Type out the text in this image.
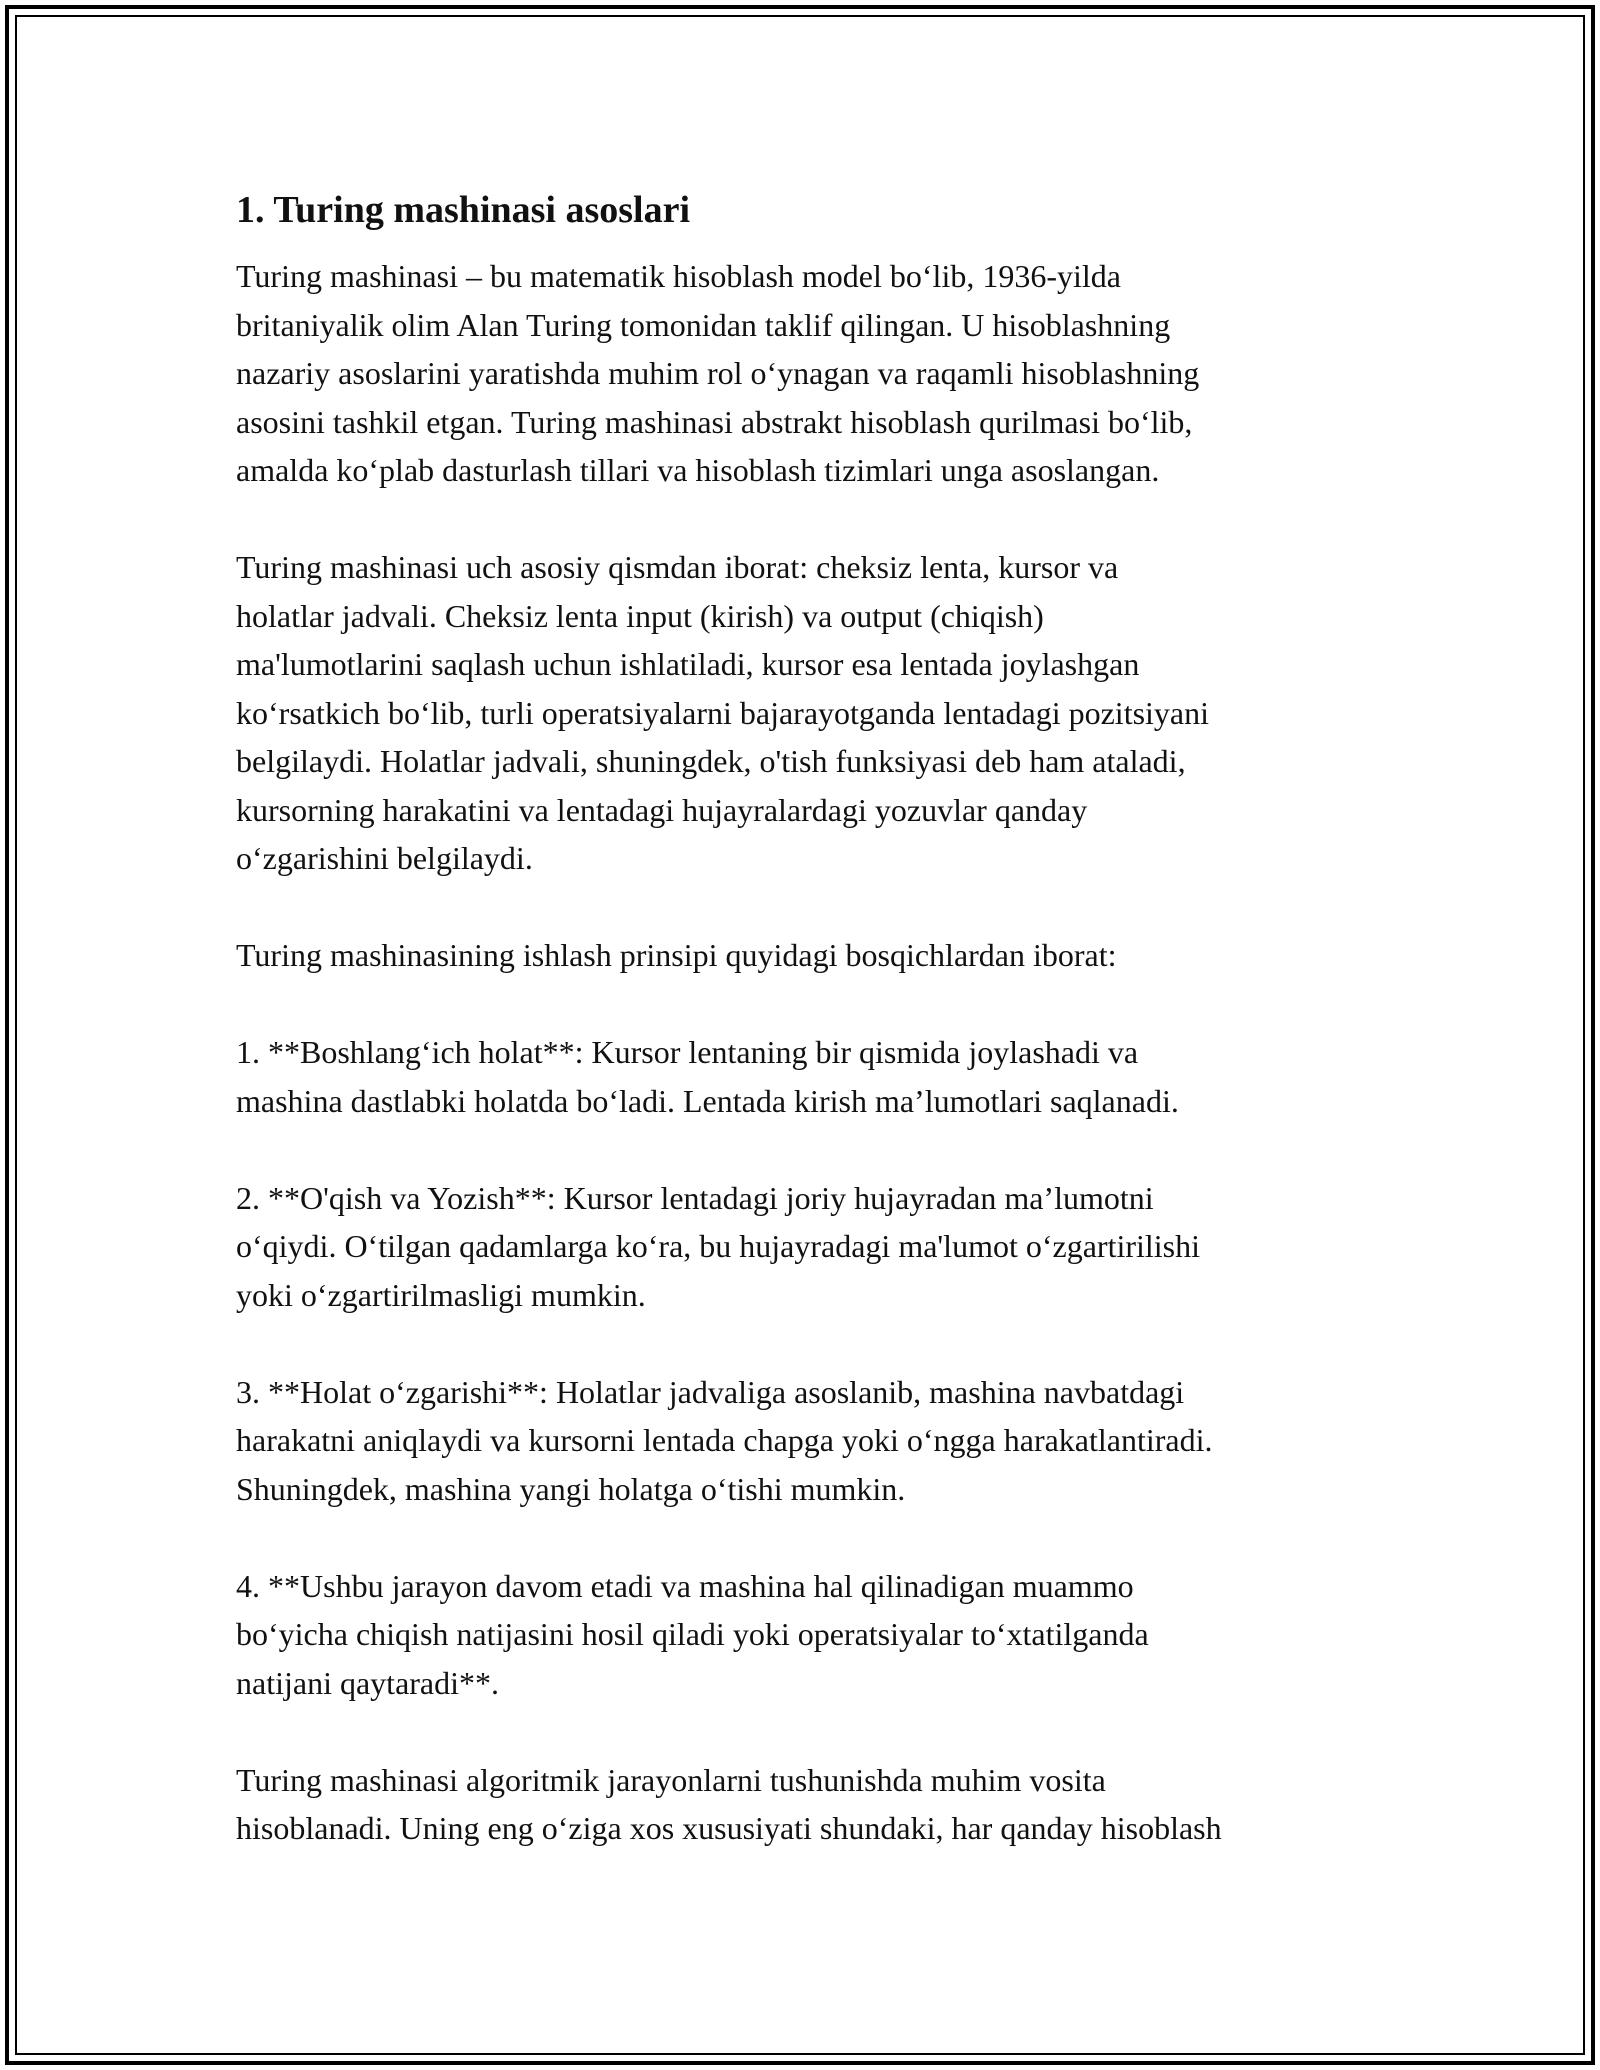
1. Turing mashinasi asoslari
Turing mashinasi – bu matematik hisoblash model bo‘lib, 1936-yilda
britaniyalik olim Alan Turing tomonidan taklif qilingan. U hisoblashning
nazariy asoslarini yaratishda muhim rol o‘ynagan va raqamli hisoblashning
asosini tashkil etgan. Turing mashinasi abstrakt hisoblash qurilmasi bo‘lib,
amalda ko‘plab dasturlash tillari va hisoblash tizimlari unga asoslangan.
Turing mashinasi uch asosiy qismdan iborat: cheksiz lenta, kursor va
holatlar jadvali. Cheksiz lenta input (kirish) va output (chiqish)
ma'lumotlarini saqlash uchun ishlatiladi, kursor esa lentada joylashgan
ko‘rsatkich bo‘lib, turli operatsiyalarni bajarayotganda lentadagi pozitsiyani
belgilaydi. Holatlar jadvali, shuningdek, o'tish funksiyasi deb ham ataladi,
kursorning harakatini va lentadagi hujayralardagi yozuvlar qanday
o‘zgarishini belgilaydi.
Turing mashinasining ishlash prinsipi quyidagi bosqichlardan iborat:
1. **Boshlang‘ich holat**: Kursor lentaning bir qismida joylashadi va
mashina dastlabki holatda bo‘ladi. Lentada kirish ma’lumotlari saqlanadi.
2. **O'qish va Yozish**: Kursor lentadagi joriy hujayradan ma’lumotni
o‘qiydi. O‘tilgan qadamlarga ko‘ra, bu hujayradagi ma'lumot o‘zgartirilishi
yoki o‘zgartirilmasligi mumkin.
3. **Holat o‘zgarishi**: Holatlar jadvaliga asoslanib, mashina navbatdagi
harakatni aniqlaydi va kursorni lentada chapga yoki o‘ngga harakatlantiradi.
Shuningdek, mashina yangi holatga o‘tishi mumkin.
4. **Ushbu jarayon davom etadi va mashina hal qilinadigan muammo
bo‘yicha chiqish natijasini hosil qiladi yoki operatsiyalar to‘xtatilganda
natijani qaytaradi**.
Turing mashinasi algoritmik jarayonlarni tushunishda muhim vosita
hisoblanadi. Uning eng o‘ziga xos xususiyati shundaki, har qanday hisoblash
